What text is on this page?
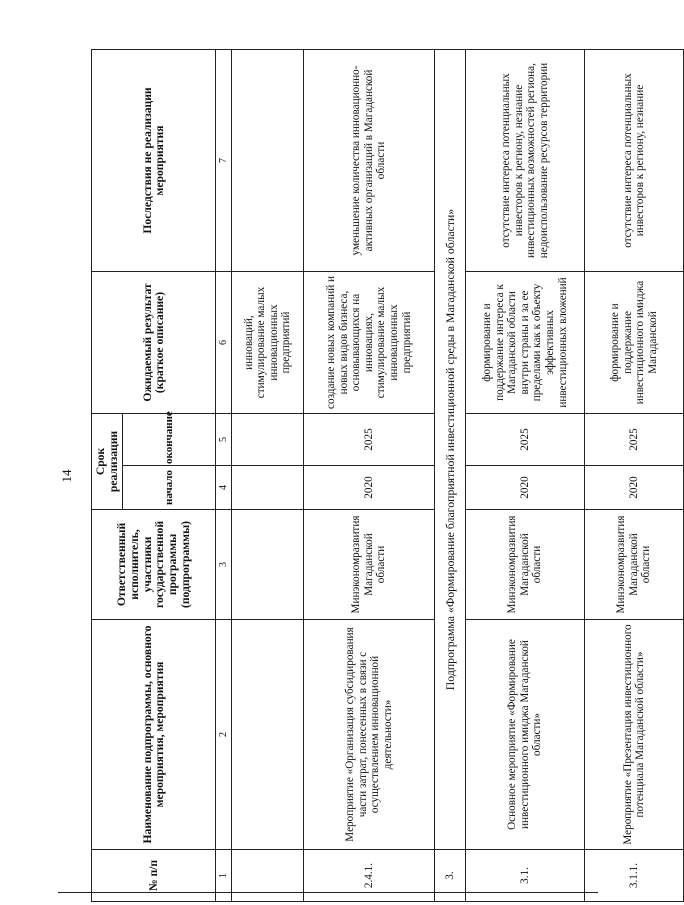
14
№ п/п	Наименование подпрограммы, основного мероприятия, мероприятия	Ответственный исполнитель, участники государственной программы (подпрограммы)	Срок реализации		Ожидаемый результат (краткое описание)	Последствия не реализации мероприятия
			начало	окончание		
1	2	3	4	5	6	7
					инноваций, стимулирование малых инновационных предприятий	
2.4.1.	Мероприятие «Организация субсидирования части затрат, понесенных в связи с осуществлением инновационной деятельности»	Минэкономразвития Магаданской области	2020	2025	создание новых компаний и новых видов бизнеса, основывающихся на инновациях, стимулирование малых инновационных предприятий	уменьшение количества инновационно-активных организаций в Магаданской области
3.	Подпрограмма «Формирование благоприятной инвестиционной среды в Магаданской области»					
3.1.	Основное мероприятие «Формирование инвестиционного имиджа Магаданской области»	Минэкономразвития Магаданской области	2020	2025	формирование и поддержание интереса к Магаданской области внутри страны и за ее пределами как к объекту эффективных инвестиционных вложений	отсутствие интереса потенциальных инвесторов к региону, незнание инвестиционных возможностей региона, недоиспользование ресурсов территории
3.1.1.	Мероприятие «Презентация инвестиционного потенциала Магаданской области»	Минэкономразвития Магаданской области	2020	2025	формирование и поддержание инвестиционного имиджа Магаданской	отсутствие интереса потенциальных инвесторов к региону, незнание
